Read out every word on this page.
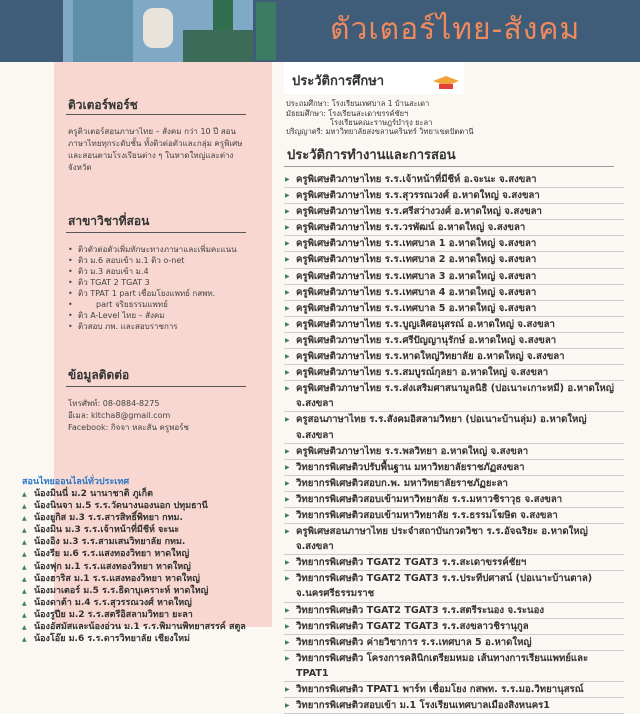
ตัวเตอร์ไทย-สังคม
ติวเตอร์พอร์ช
ครูติวเตอร์สอนภาษาไทย – สังคม กว่า 10 ปี สอนภาษาไทยทุกระดับชั้น ทั้งติวต่อตัวและกลุ่ม ครูพิเศษและสอนตามโรงเรียนต่าง ๆ ในหาดใหญ่และต่างจังหวัด
สาขาวิชาที่สอน
• ติวตัวต่อตัวเพิ่มทักษะทางภาษาและเพิ่มคะแนน
• ติว ม.6 สอบเข้า ม.1 ติว o-net
• ติว ม.3 สอบเข้า ม.4
• ติว TGAT 2 TGAT 3
• ติว TPAT 1 part เชื่อมโยงแพทย์ กสพท.
• part จริยธรรมแพทย์
• ติว A-Level ไทย – สังคม
• ติวสอบ ภพ. และสอบราชการ
ข้อมูลติดต่อ
โทรศัพท์: 08-0884-8275
อีเมล: kitcha8@gmail.com
Facebook: กิจจา หละสัน ครูพอร์ช
สอนไทยออนไลน์ทั่วประเทศ
▲ น้องมินนี่ ม.2 นานาชาติ ภูเก็ต
▲ น้องนินจา ม.5 ร.ร.วัดนางนองนอก ปทุมธานี
▲ น้องยูกิส ม.3 ร.ร.สารสิทธิ์พิทยา กทม.
▲ น้องมิน ม.3 ร.ร.เจ้าหน้าที่มีชีห์ จะนะ
▲ น้องอิง ม.3 ร.ร.สามเสนวิทยาลัย กทม.
▲ น้องรีย ม.6 ร.ร.แสงทองวิทยา หาดใหญ่
▲ น้องฟุก ม.1 ร.ร.แสงทองวิทยา หาดใหญ่
▲ น้องฮาริส ม.1 ร.ร.แสงทองวิทยา หาดใหญ่
▲ น้องมาเตอร์ ม.5 ร.ร.ธิดาบุเคราะห์ หาดใหญ่
▲ น้องดาต้า ม.4 ร.ร.สุวรรณวงศ์ หาดใหญ่
▲ น้องรูปีย ม.2 ร.ร.สตรีอิสลามวิทยา ยะลา
▲ น้องอัสมัสและน้องอ่วน ม.1 ร.ร.พิมานพิทยาสรรค์ สตูล
▲ น้องโอ๊ย ม.6 ร.ร.ดารวิทยาลัย เชียงใหม่
ประวัติการศึกษา
ประถมศึกษา: โรงเรียนเทศบาล 1 บ้านสะเดา
มัธยมศึกษา: โรงเรียนสะเดาขรรค์ชัยฯ
โรงเรียนคณะราษฎร์บำรุง ยะลา
ปริญญาตรี: มหาวิทยาลัยสงขลานครินทร์ วิทยาเขตปัตตานี
ประวัติการทำงานและการสอน
▶ ครูพิเศษติวภาษาไทย ร.ร.เจ้าหน้าที่มีชีห์ อ.จะนะ จ.สงขลา
▶ ครูพิเศษติวภาษาไทย ร.ร.สุวรรณวงศ์ อ.หาดใหญ่ จ.สงขลา
▶ ครูพิเศษติวภาษาไทย ร.ร.ศรีสว่างวงศ์ อ.หาดใหญ่ จ.สงขลา
▶ ครูพิเศษติวภาษาไทย ร.ร.วรพัฒน์ อ.หาดใหญ่ จ.สงขลา
▶ ครูพิเศษติวภาษาไทย ร.ร.เทศบาล 1 อ.หาดใหญ่ จ.สงขลา
▶ ครูพิเศษติวภาษาไทย ร.ร.เทศบาล 2 อ.หาดใหญ่ จ.สงขลา
▶ ครูพิเศษติวภาษาไทย ร.ร.เทศบาล 3 อ.หาดใหญ่ จ.สงขลา
▶ ครูพิเศษติวภาษาไทย ร.ร.เทศบาล 4 อ.หาดใหญ่ จ.สงขลา
▶ ครูพิเศษติวภาษาไทย ร.ร.เทศบาล 5 อ.หาดใหญ่ จ.สงขลา
▶ ครูพิเศษติวภาษาไทย ร.ร.บูญเลิศอนุสรณ์ อ.หาดใหญ่ จ.สงขลา
▶ ครูพิเศษติวภาษาไทย ร.ร.ศรีปัญญานุรักษ์ อ.หาดใหญ่ จ.สงขลา
▶ ครูพิเศษติวภาษาไทย ร.ร.หาดใหญ่วิทยาลัย อ.หาดใหญ่ จ.สงขลา
▶ ครูพิเศษติวภาษาไทย ร.ร.สมบูรณ์กุลยา อ.หาดใหญ่ จ.สงขลา
▶ ครูพิเศษติวภาษาไทย ร.ร.ส่งเสริมศาสนามูลนิธิ (ปอเนาะเกาะหมี) อ.หาดใหญ่ จ.สงขลา
▶ ครูสอนภาษาไทย ร.ร.สังคมอิสลามวิทยา (ปอเนาะบ้านลุ่ม) อ.หาดใหญ่ จ.สงขลา
▶ ครูพิเศษติวภาษาไทย ร.ร.พลวิทยา อ.หาดใหญ่ จ.สงขลา
▶ วิทยากรพิเศษติวปรับพื้นฐาน มหาวิทยาลัยราชภัฏสงขลา
▶ วิทยากรพิเศษติวสอบก.พ. มหาวิทยาลัยราชภัฏยะลา
▶ วิทยากรพิเศษติวสอบเข้ามหาวิทยาลัย ร.ร.มหาวชิราวุธ จ.สงขลา
▶ วิทยากรพิเศษติวสอบเข้ามหาวิทยาลัย ร.ร.ธรรมโฆษิต จ.สงขลา
▶ ครูพิเศษสอนภาษาไทย ประจำสถาบันกวดวิชา ร.ร.อัจฉริยะ อ.หาดใหญ่ จ.สงขลา
▶ วิทยากรพิเศษติว TGAT2 TGAT3 ร.ร.สะเดาขรรค์ชัยฯ
▶ วิทยากรพิเศษติว TGAT2 TGAT3 ร.ร.ประทีปศาสน์ (ปอเนาะบ้านตาล) จ.นครศรีธรรมราช
▶ วิทยากรพิเศษติว TGAT2 TGAT3 ร.ร.สตรีระนอง จ.ระนอง
▶ วิทยากรพิเศษติว TGAT2 TGAT3 ร.ร.สงขลาวชิรานุกูล
▶ วิทยากรพิเศษติว ค่ายวิชาการ ร.ร.เทศบาล 5 อ.หาดใหญ่
▶ วิทยากรพิเศษติว โครงการคลินิกเตรียมหมอ เส้นทางการเรียนแพทย์และ TPAT1
▶ วิทยากรพิเศษติว TPAT1 พาร์ท เชื่อมโยง กสพท. ร.ร.มอ.วิทยานุสรณ์
▶ วิทยากรพิเศษติวสอบเข้า ม.1 โรงเรียนเทศบาลเมืองสิงหนคร1
